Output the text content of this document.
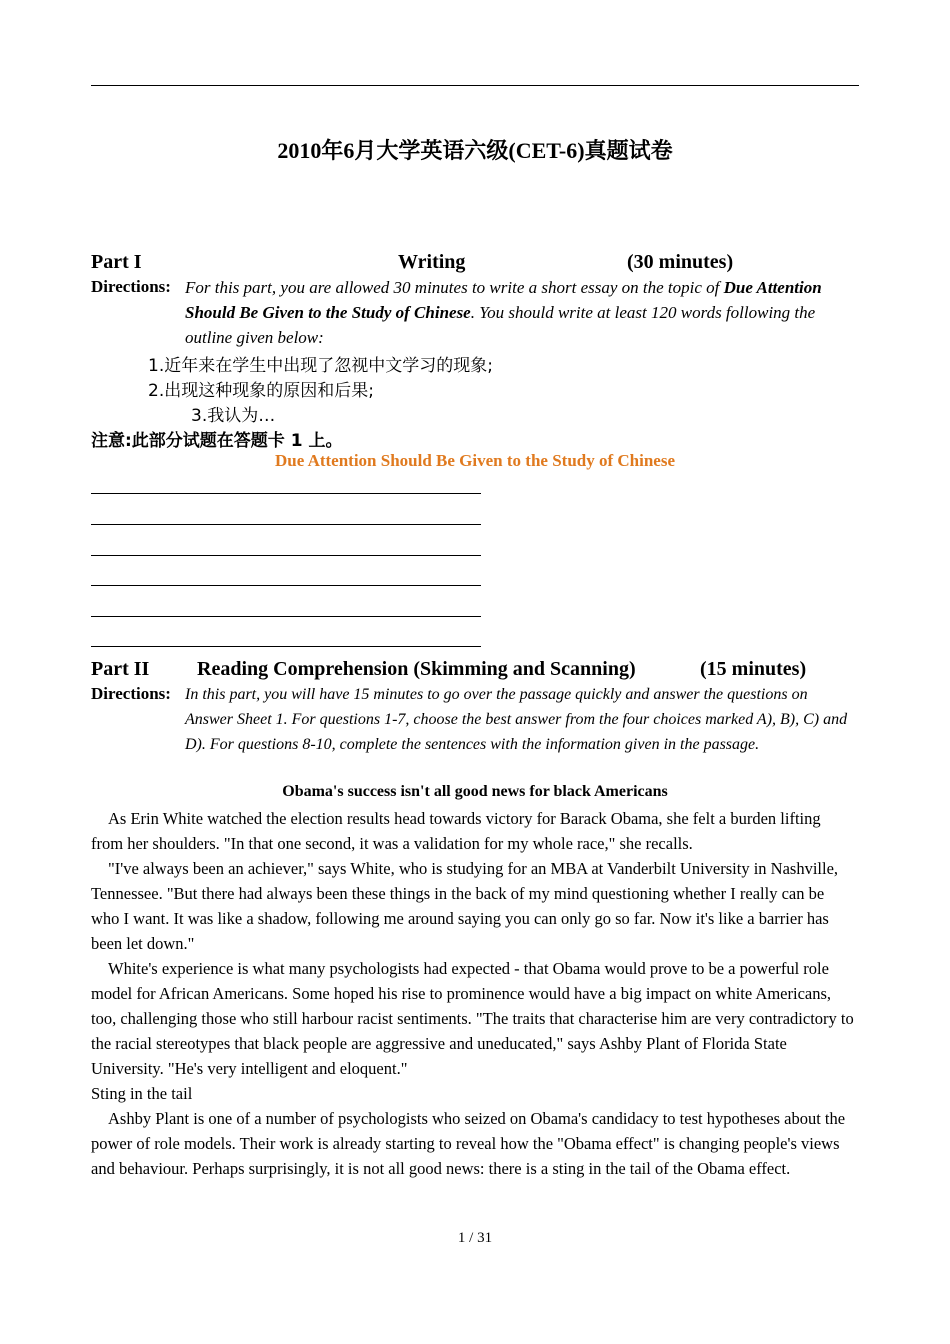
2010年6月大学英语六级(CET-6)真题试卷
Part I	Writing	(30 minutes)
Directions: For this part, you are allowed 30 minutes to write a short essay on the topic of Due Attention Should Be Given to the Study of Chinese. You should write at least 120 words following the outline given below:
1.近年来在学生中出现了忽视中文学习的现象;
2.出现这种现象的原因和后果;
3.我认为…
注意:此部分试题在答题卡 1 上。
Due Attention Should Be Given to the Study of Chinese
Part II Reading Comprehension (Skimming and Scanning)	(15 minutes)
Directions: In this part, you will have 15 minutes to go over the passage quickly and answer the questions on Answer Sheet 1. For questions 1-7, choose the best answer from the four choices marked A), B), C) and D). For questions 8-10, complete the sentences with the information given in the passage.
Obama's success isn't all good news for black Americans

As Erin White watched the election results head towards victory for Barack Obama, she felt a burden lifting from her shoulders. "In that one second, it was a validation for my whole race," she recalls.

"I've always been an achiever," says White, who is studying for an MBA at Vanderbilt University in Nashville, Tennessee. "But there had always been these things in the back of my mind questioning whether I really can be who I want. It was like a shadow, following me around saying you can only go so far. Now it's like a barrier has been let down."

White's experience is what many psychologists had expected - that Obama would prove to be a powerful role model for African Americans. Some hoped his rise to prominence would have a big impact on white Americans, too, challenging those who still harbour racist sentiments. "The traits that characterise him are very contradictory to the racial stereotypes that black people are aggressive and uneducated," says Ashby Plant of Florida State University. "He's very intelligent and eloquent."

Sting in the tail

Ashby Plant is one of a number of psychologists who seized on Obama's candidacy to test hypotheses about the power of role models. Their work is already starting to reveal how the "Obama effect" is changing people's views and behaviour. Perhaps surprisingly, it is not all good news: there is a sting in the tail of the Obama effect.

1 / 31
